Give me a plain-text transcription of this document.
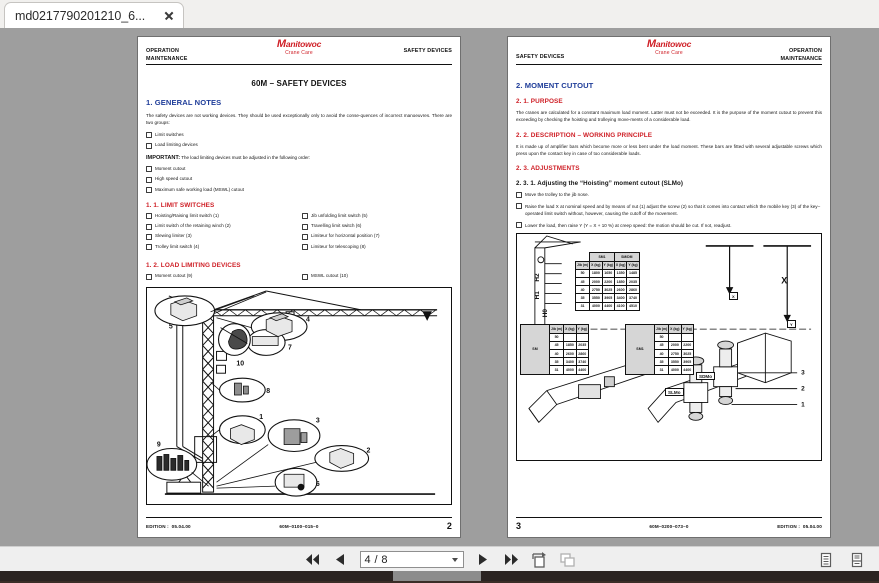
md0217790201210_6...
OPERATION
MAINTENANCE
Manitowoc
Crane Care	SAFETY DEVICES
60M – SAFETY DEVICES
1. GENERAL NOTES

The safety devices are not working devices. They should be used exceptionally only to avoid the conse-quences of incorrect manoeuvres. There are two groups:

Limit switches
Load limiting devices
IMPORTANT: The load limiting devices must be adjusted in the following order:
Moment cutout
High speed cutout
Maximum safe working load (MSWL) cutout
1. 1. LIMIT SWITCHES
Hoisting/Raising limit switch (1)
Limit switch of the retaining winch (2)
Slewing limiter (3)
Trolley limit switch (4)
Jib unfolding limit switch (5)
Travelling limit switch (6)
Limiteur for horizontal position (7)
Limiteur for telescoping (8)
1. 2. LOAD LIMITING DEVICES
Moment cutout (9)	MSWL cutout (10)
5
4
7
10
8
1
3
2
6
9
EDITION : 05.04.00	60M–0100–015–0	2
SAFETY DEVICES
Manitowoc
Crane Care	OPERATION
MAINTENANCE
2. MOMENT CUTOUT
2. 1. PURPOSE

The cranes are calculated for a constant maximum load moment. Latter must not be exceeded. It is the purpose of the moment cutout to prevent this exceeding by checking the hoisting and trolleying move-ments of a considerable load.

2. 2. DESCRIPTION – WORKING PRINCIPLE

It is made up of amplifier bars which become more or less bent under the load moment. These bars are fitted with several adjustable screws which press upon the contact key in case of too considerable loads.

2. 3. ADJUSTMENTS
2. 3. 1. Adjusting the “Hoisting” moment cutout (SLMo)
Move the trolley to the jib nose.
Raise the load X at nominal speed and by means of nut (1) adjust the screw (2) so that it comes into contact which the mobile key (3) of the key–operated limit switch without, however, causing the cutoff of the movement.
Lower the load, then raise Y (Y = X + 10 %) at creep speed: the motion should be cut. If not, readjust.
3
2
1
H0
H1
H2	X
X
Y
SLMo
SDMo
	SM1		SM/DM	
Jib (m)	X (kg)	Y (kg)	X (kg)	Y (kg)
50	1800	1650	1350	1485
45	2000	2200	1850	2035
40	2750	3025	2600	2860
35	3550	3905	3400	3740
31	4000	4400	4100	4510
SM	Jib (m)	X (kg)	Y (kg)
	50		
	45	1850	2035
	40	2600	2860
	35	3400	3740
	31	4000	4400
SM1	Jib (m)	X (kg)	Y (kg)
	50		
	45	2000	2200
	40	2750	3025
	35	3550	3905
	31	4000	4400
3	60M–0200–073–0	EDITION : 05.04.00
4 / 8
